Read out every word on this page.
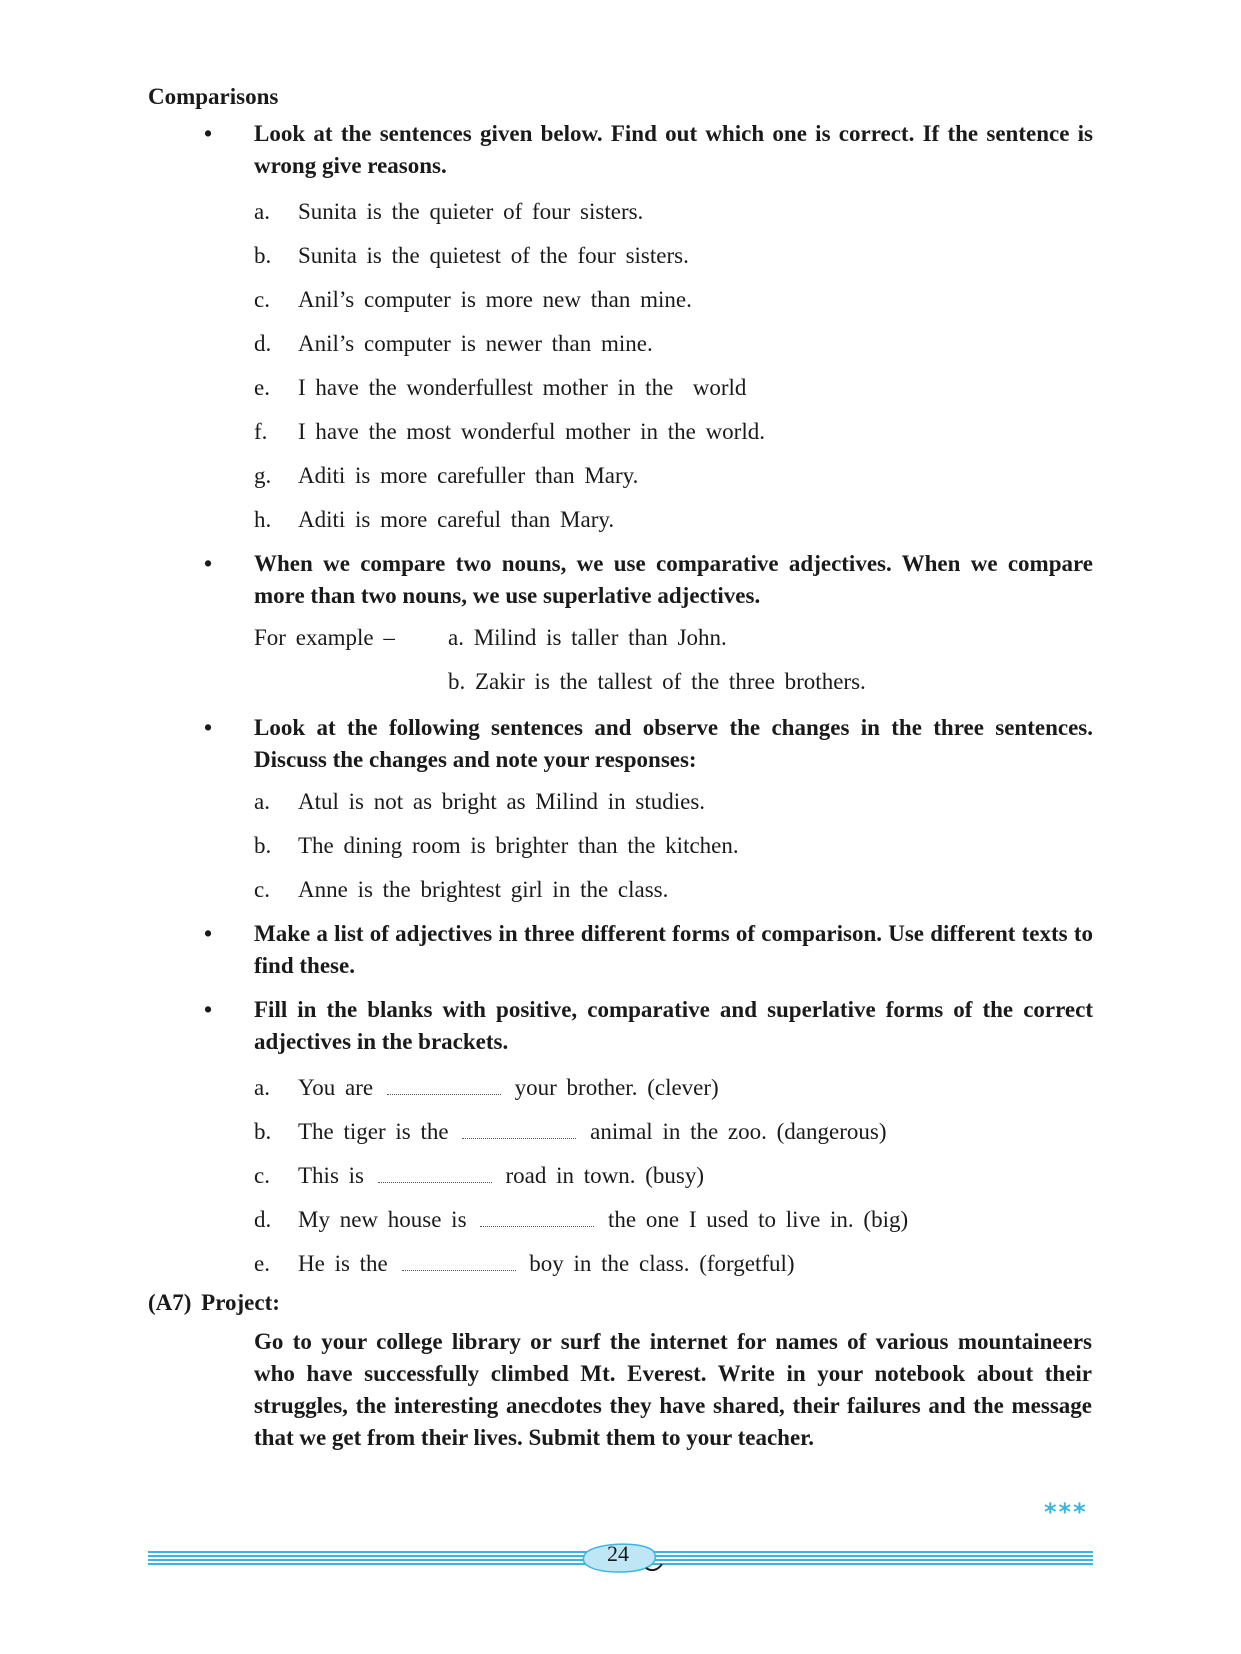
Comparisons
• Look at the sentences given below. Find out which one is correct. If the sentence is wrong give reasons.
a.	Sunita is the quieter of four sisters.
b.	Sunita is the quietest of the four sisters.
c.	Anil’s computer is more new than mine.
d.	Anil’s computer is newer than mine.
e.	I have the wonderfullest mother in the  world
f.	I have the most wonderful mother in the world.
g.	Aditi is more carefuller than Mary.
h.	Aditi is more careful than Mary.
• When we compare two nouns, we use comparative adjectives. When we compare more than two nouns, we use superlative adjectives.
For example – a. Milind is taller than John.
b. Zakir is the tallest of the three brothers.
• Look at the following sentences and observe the changes in the three sentences. Discuss the changes and note your responses:
a.	Atul is not as bright as Milind in studies.
b.	The dining room is brighter than the kitchen.
c.	Anne is the brightest girl in the class.
• Make a list of adjectives in three different forms of comparison. Use different texts to find these.
• Fill in the blanks with positive, comparative and superlative forms of the correct adjectives in the brackets.
a.	You are	your brother. (clever)
b.	The tiger is the	animal in the zoo. (dangerous)
c.	This is	road in town. (busy)
d.	My new house is	the one I used to live in. (big)
e.	He is the	boy in the class. (forgetful)
(A7) Project:
Go to your college library or surf the internet for names of various mountaineers who have successfully climbed Mt. Everest. Write in your notebook about their struggles, the interesting anecdotes they have shared, their failures and the message that we get from their lives. Submit them to your teacher.
***
24
